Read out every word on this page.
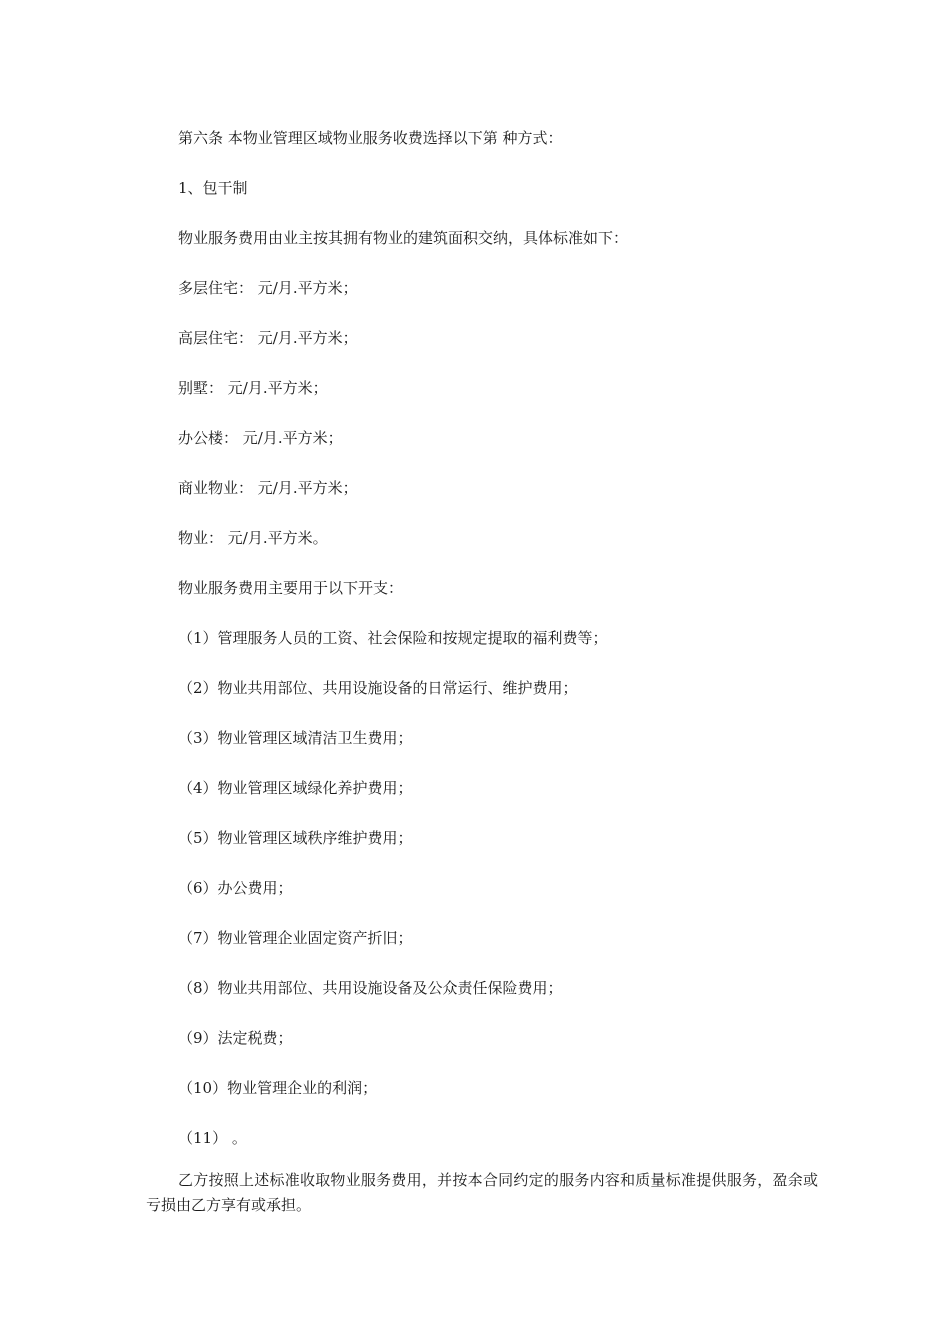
第六条 本物业管理区域物业服务收费选择以下第 种方式：

1、包干制

物业服务费用由业主按其拥有物业的建筑面积交纳，具体标准如下：

多层住宅： 元/月.平方米；

高层住宅： 元/月.平方米；

别墅： 元/月.平方米；

办公楼： 元/月.平方米；

商业物业： 元/月.平方米；

物业： 元/月.平方米。

物业服务费用主要用于以下开支：

（1）管理服务人员的工资、社会保险和按规定提取的福利费等；

（2）物业共用部位、共用设施设备的日常运行、维护费用；

（3）物业管理区域清洁卫生费用；

（4）物业管理区域绿化养护费用；

（5）物业管理区域秩序维护费用；

（6）办公费用；

（7）物业管理企业固定资产折旧；

（8）物业共用部位、共用设施设备及公众责任保险费用；

（9）法定税费；

（10）物业管理企业的利润；

（11） 。

乙方按照上述标准收取物业服务费用，并按本合同约定的服务内容和质量标准提供服务，盈余或亏损由乙方享有或承担。
